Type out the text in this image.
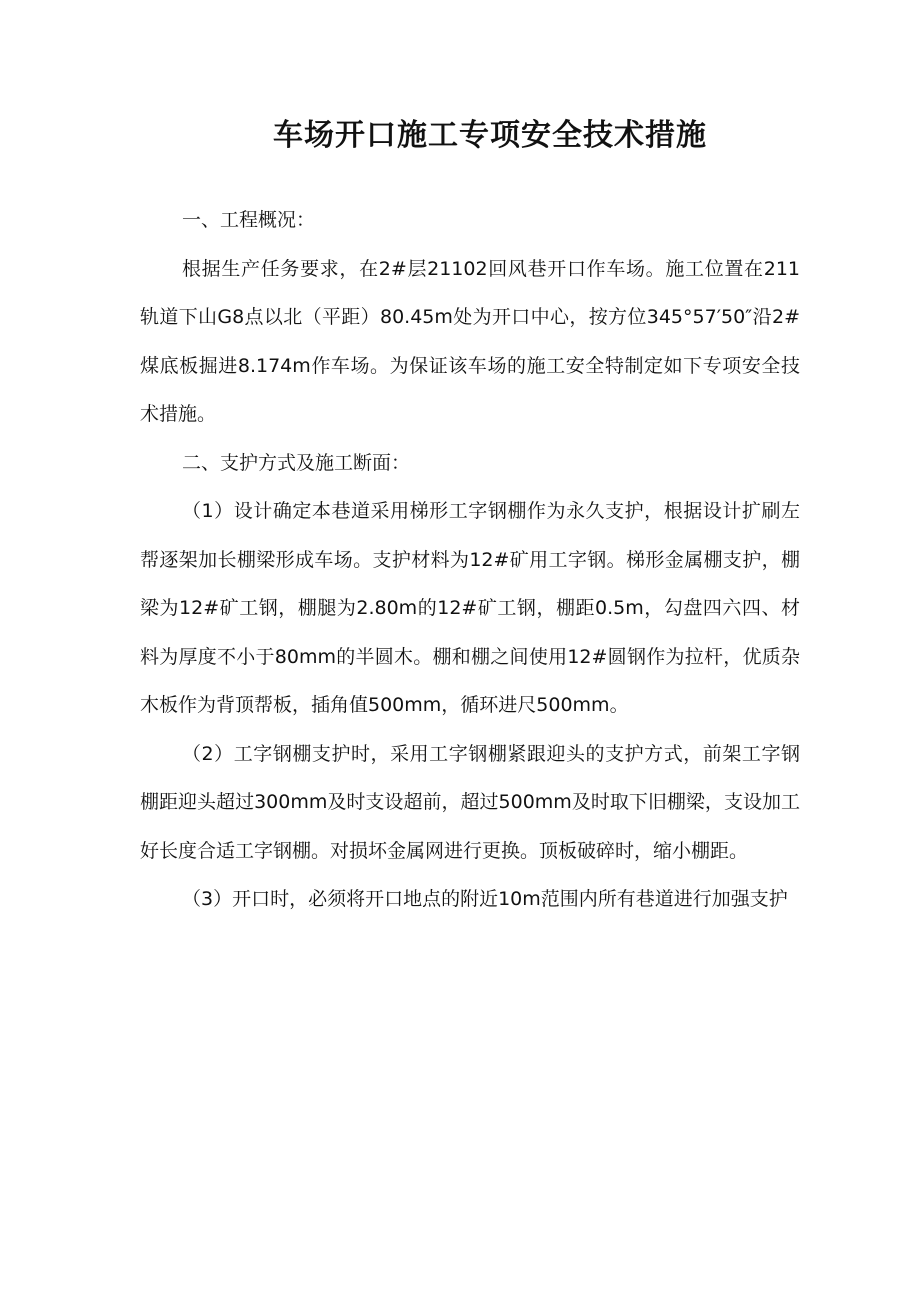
车场开口施工专项安全技术措施

一、工程概况：

根据生产任务要求，在2#层21102回风巷开口作车场。施工位置在211轨道下山G8点以北（平距）80.45m处为开口中心，按方位345°57′50″沿2#煤底板掘进8.174m作车场。为保证该车场的施工安全特制定如下专项安全技术措施。

二、支护方式及施工断面：

（1）设计确定本巷道采用梯形工字钢棚作为永久支护，根据设计扩刷左帮逐架加长棚梁形成车场。支护材料为12#矿用工字钢。梯形金属棚支护，棚梁为12#矿工钢，棚腿为2.80m的12#矿工钢，棚距0.5m，勾盘四六四、材料为厚度不小于80mm的半圆木。棚和棚之间使用12#圆钢作为拉杆，优质杂木板作为背顶帮板，插角值500mm，循环进尺500mm。

（2）工字钢棚支护时，采用工字钢棚紧跟迎头的支护方式，前架工字钢棚距迎头超过300mm及时支设超前，超过500mm及时取下旧棚梁，支设加工好长度合适工字钢棚。对损坏金属网进行更换。顶板破碎时，缩小棚距。

（3）开口时，必须将开口地点的附近10m范围内所有巷道进行加强支护
